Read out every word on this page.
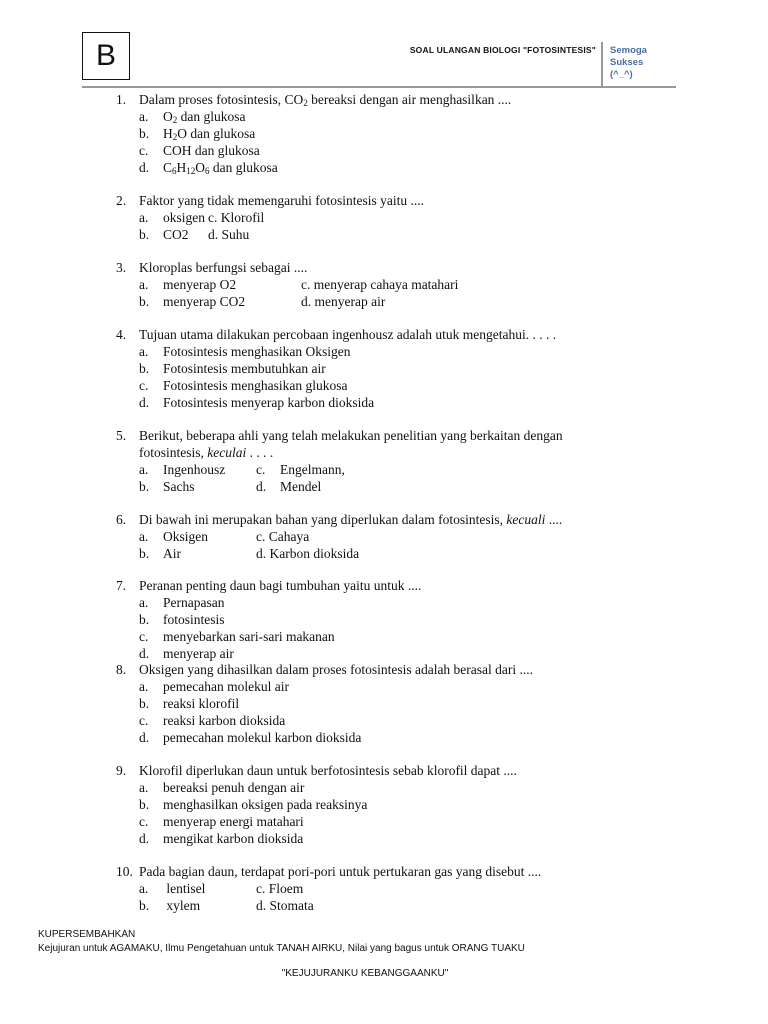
B	SOAL ULANGAN BIOLOGI "FOTOSINTESIS" Semoga
Sukses
(^_^)
1. Dalam proses fotosintesis, $CO_2$ bereaksi dengan air menghasilkan ....
a. $O_2$ dan glukosa
b. $H_2O$ dan glukosa
c. COH dan glukosa
d. $C_6H_{12}O_6$ dan glukosa
2. Faktor yang tidak memengaruhi fotosintesis yaitu ....
a. oksigen c. Klorofil
b. CO2 d. Suhu
3. Kloroplas berfungsi sebagai ....
a. menyerap O2	c. menyerap cahaya matahari
b. menyerap CO2	d. menyerap air
4. Tujuan utama dilakukan percobaan ingenhousz adalah utuk mengetahui. . . . .
a. Fotosintesis menghasikan Oksigen
b. Fotosintesis membutuhkan air
c. Fotosintesis menghasikan glukosa
d. Fotosintesis menyerap karbon dioksida
5. Berikut, beberapa ahli yang telah melakukan penelitian yang berkaitan dengan
fotosintesis, keculai . . . .
a. Ingenhousz c. Engelmann,
b. Sachs	d. Mendel
6. Di bawah ini merupakan bahan yang diperlukan dalam fotosintesis, kecuali ....
a. Oksigen	c. Cahaya
b. Air	d. Karbon dioksida
7. Peranan penting daun bagi tumbuhan yaitu untuk ....
a. Pernapasan
b. fotosintesis
c. menyebarkan sari-sari makanan
d. menyerap air
8. Oksigen yang dihasilkan dalam proses fotosintesis adalah berasal dari ....
a. pemecahan molekul air
b. reaksi klorofil
c. reaksi karbon dioksida
d. pemecahan molekul karbon dioksida
9. Klorofil diperlukan daun untuk berfotosintesis sebab klorofil dapat ....
a. bereaksi penuh dengan air
b. menghasilkan oksigen pada reaksinya
c. menyerap energi matahari
d. mengikat karbon dioksida
10. Pada bagian daun, terdapat pori-pori untuk pertukaran gas yang disebut ....
a. lentisel	c. Floem
b. xylem	d. Stomata
KUPERSEMBAHKAN
Kejujuran untuk AGAMAKU, Ilmu Pengetahuan untuk TANAH AIRKU, Nilai yang bagus untuk ORANG TUAKU
"KEJUJURANKU KEBANGGAANKU"
